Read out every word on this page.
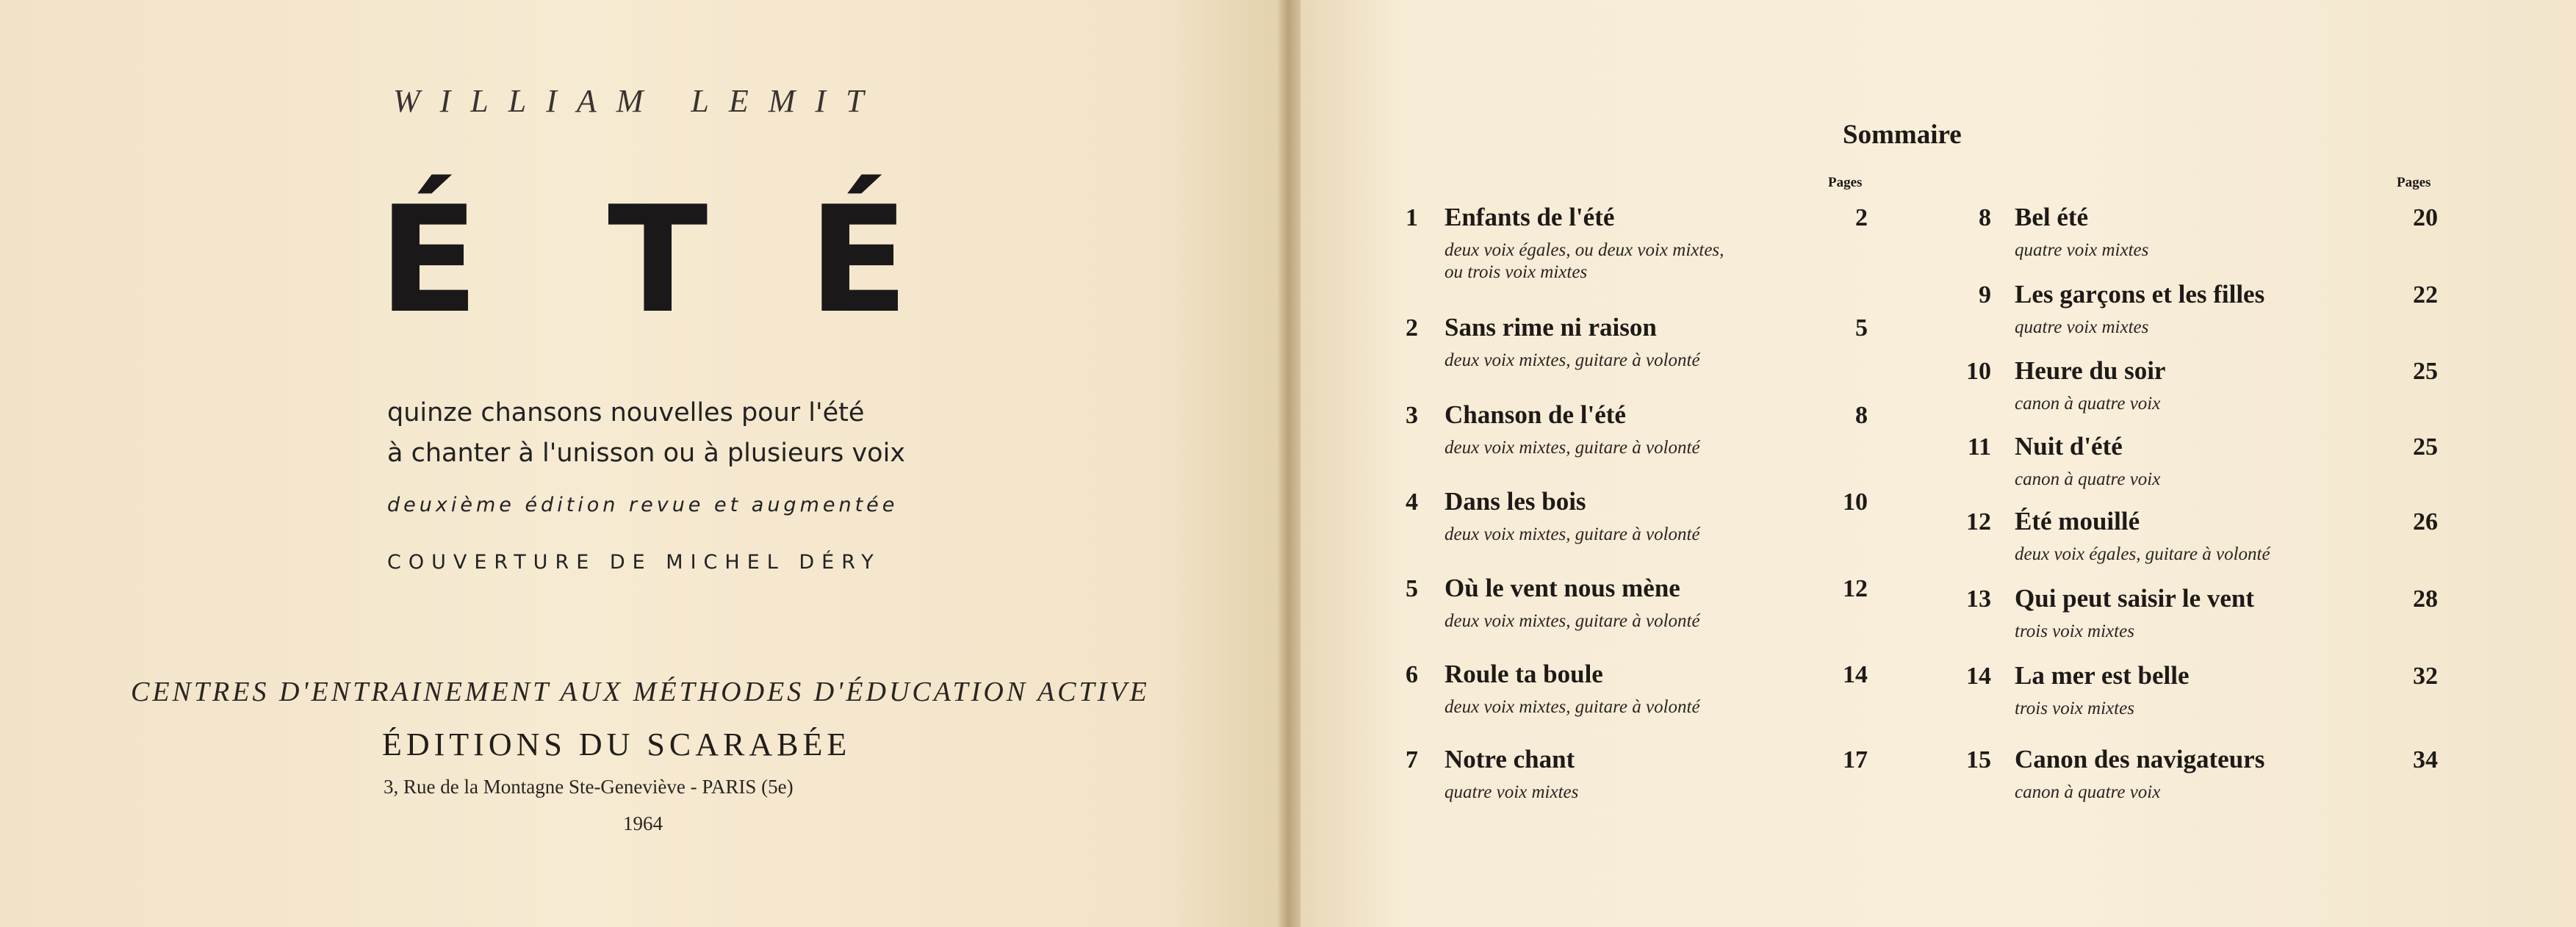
WILLIAM LEMIT
É T É
quinze chansons nouvelles pour l'été
à chanter à l'unisson ou à plusieurs voix
deuxième édition revue et augmentée
COUVERTURE DE MICHEL DÉRY
CENTRES D'ENTRAINEMENT AUX MÉTHODES D'ÉDUCATION ACTIVE
ÉDITIONS DU SCARABÉE
3, Rue de la Montagne Ste-Geneviève - PARIS (5e)
1964
Sommaire
Pages	Pages
1 Enfants de l'été	2
deux voix égales, ou deux voix mixtes,
ou trois voix mixtes
2 Sans rime ni raison	5
deux voix mixtes, guitare à volonté
3 Chanson de l'été	8
deux voix mixtes, guitare à volonté
4 Dans les bois	10
deux voix mixtes, guitare à volonté
5 Où le vent nous mène	12
deux voix mixtes, guitare à volonté
6 Roule ta boule	14
deux voix mixtes, guitare à volonté
7 Notre chant	17
quatre voix mixtes
8 Bel été	20
quatre voix mixtes
9 Les garçons et les filles	22
quatre voix mixtes
10 Heure du soir	25
canon à quatre voix
11 Nuit d'été	25
canon à quatre voix
12 Été mouillé	26
deux voix égales, guitare à volonté
13 Qui peut saisir le vent	28
trois voix mixtes
14 La mer est belle	32
trois voix mixtes
15 Canon des navigateurs	34
canon à quatre voix
